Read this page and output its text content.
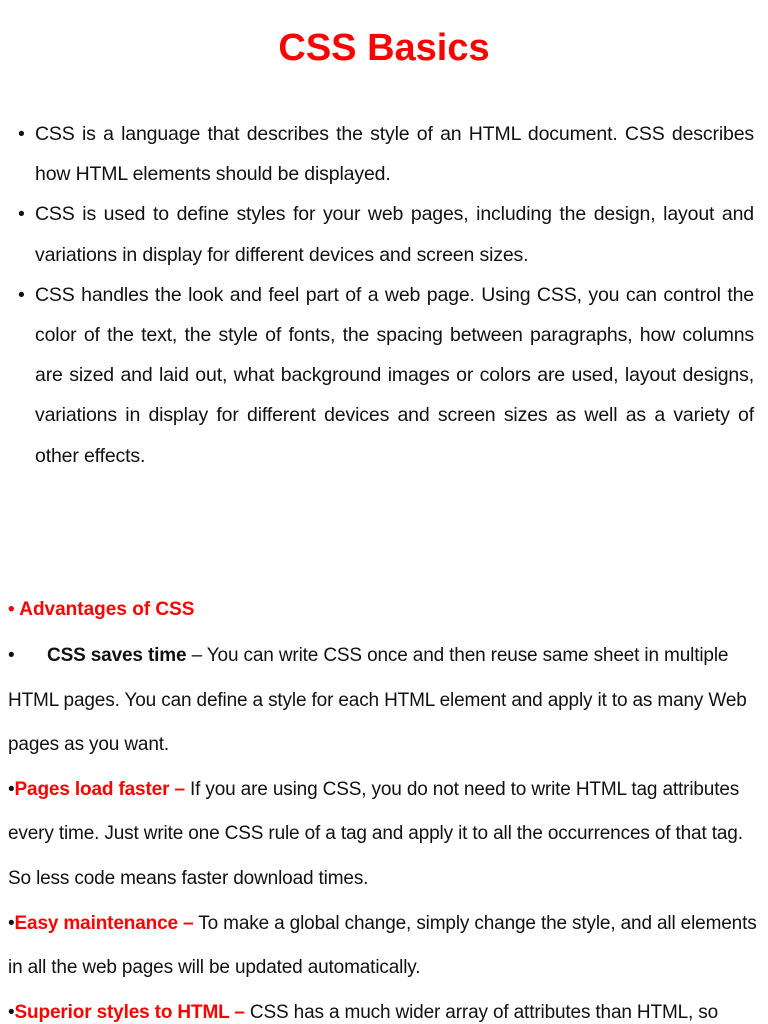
CSS Basics
• CSS is a language that describes the style of an HTML document. CSS describes how HTML elements should be displayed.
• CSS is used to define styles for your web pages, including the design, layout and variations in display for different devices and screen sizes.
• CSS handles the look and feel part of a web page. Using CSS, you can control the color of the text, the style of fonts, the spacing between paragraphs, how columns are sized and laid out, what background images or colors are used, layout designs, variations in display for different devices and screen sizes as well as a variety of other effects.
• Advantages of CSS

• CSS saves time – You can write CSS once and then reuse same sheet in multiple HTML pages. You can define a style for each HTML element and apply it to as many Web pages as you want.

•Pages load faster – If you are using CSS, you do not need to write HTML tag attributes every time. Just write one CSS rule of a tag and apply it to all the occurrences of that tag. So less code means faster download times.

•Easy maintenance – To make a global change, simply change the style, and all elements in all the web pages will be updated automatically.

•Superior styles to HTML – CSS has a much wider array of attributes than HTML, so
